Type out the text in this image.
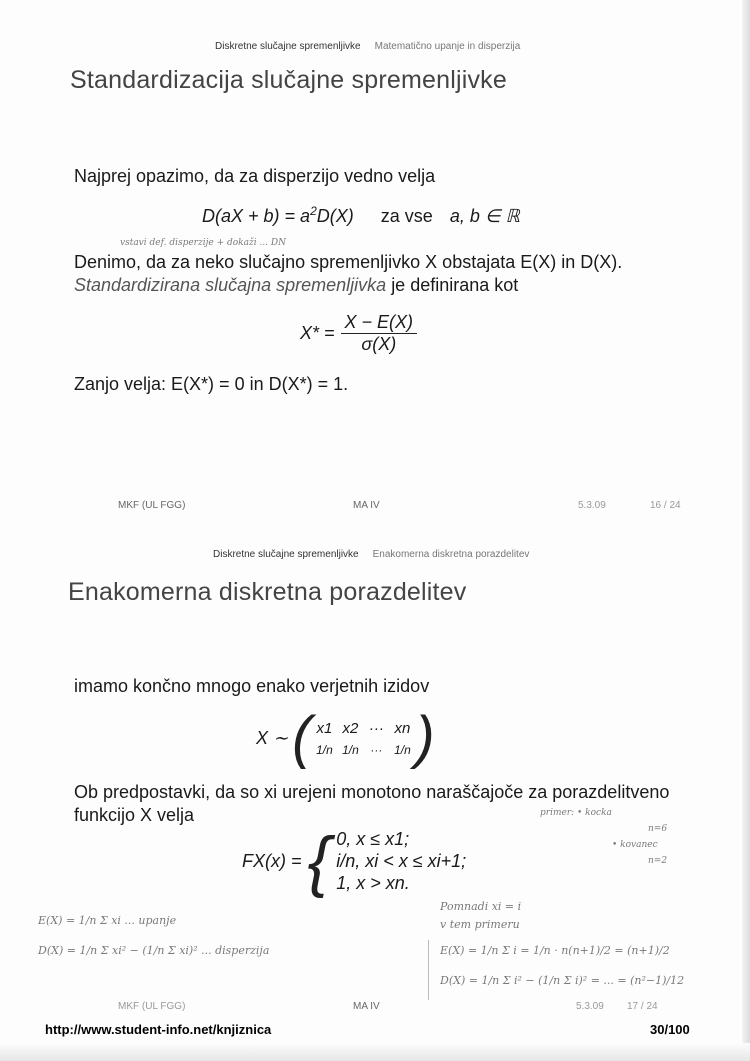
Diskretne slučajne spremenljivke Matematično upanje in disperzija
Standardizacija slučajne spremenljivke
Najprej opazimo, da za disperzijo vedno velja
$D(aX + b) = a^2D(X)$ za vse a, b ∈ ℝ
vstavi def. disperzije + dokaži ... DN
Denimo, da za neko slučajno spremenljivko X obstajata E(X) in D(X).
Standardizirana slučajna spremenljivka je definirana kot
$X* = \frac{X - E(X)}{\sigma(X)}$
Zanjo velja: E(X*) = 0 in D(X*) = 1.
MKF (UL FGG)	MA IV	5.3.09	16 / 24
Diskretne slučajne spremenljivke Enakomerna diskretna porazdelitev
Enakomerna diskretna porazdelitev
imamo končno mnogo enako verjetnih izidov
X ∼ ( x1 x2 ··· xn
1/n 1/n ··· 1/n )
Ob predpostavki, da so xi urejeni monotono naraščajoče za porazdelitveno
funkcijo X velja
FX(x) = { 0, x ≤ x1;
i/n, xi < x ≤ xi+1;
1, x > xn.
primer: • kocka
n=6
• kovanec
n=2
E(X) = 1/n Σ xi ... upanje
D(X) = 1/n Σ xi² − (1/n Σ xi)² ... disperzija
Pomnadi xi = i
v tem primeru
E(X) = 1/n Σ i = 1/n · n(n+1)/2 = (n+1)/2
D(X) = 1/n Σ i² − (1/n Σ i)² = ... = (n²−1)/12
MKF (UL FGG)	MA IV	5.3.09 17 / 24
http://www.student-info.net/knjiznica	30/100
